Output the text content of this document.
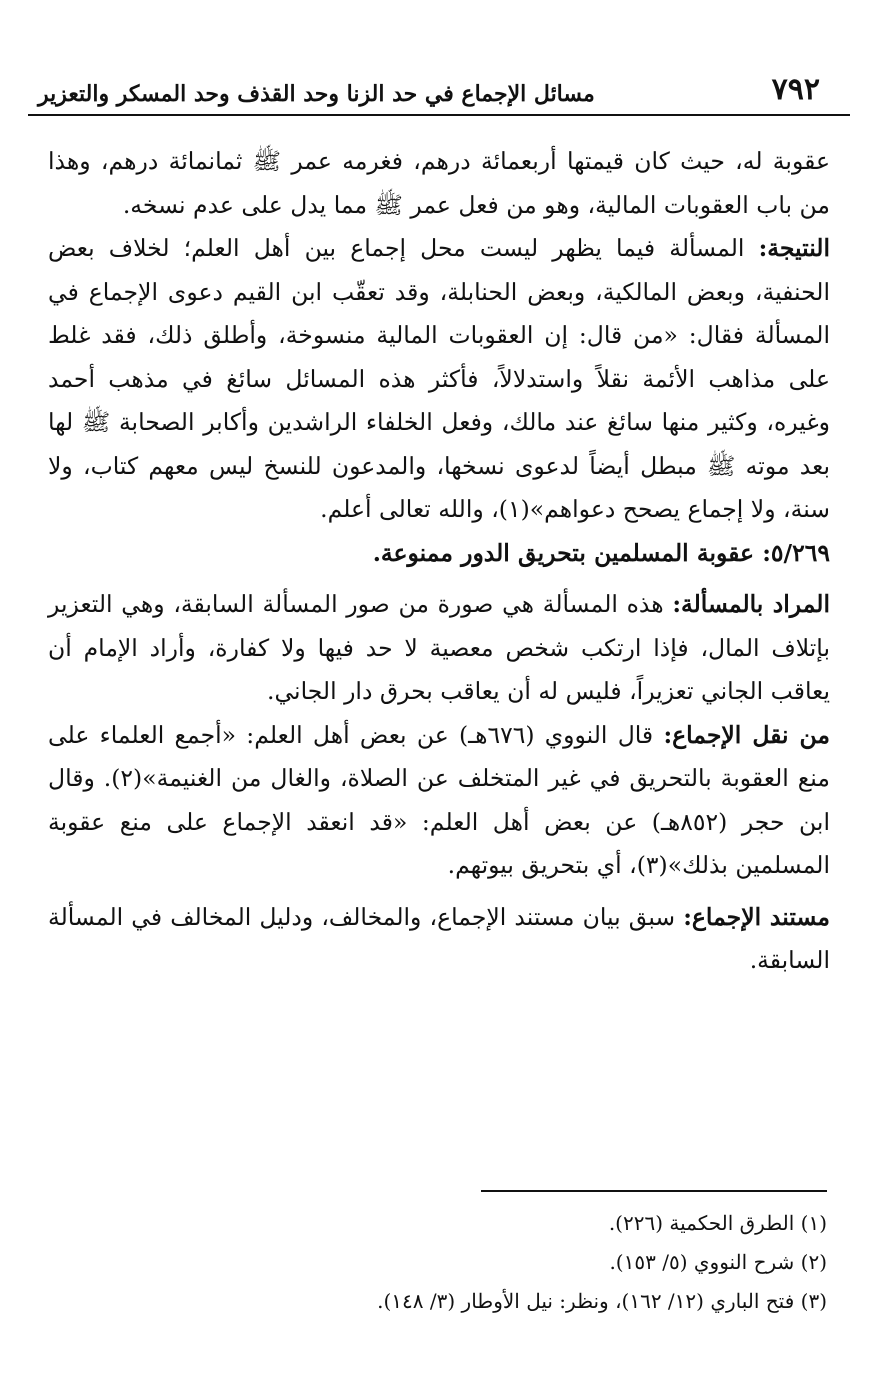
٧٩٢
مسائل الإجماع في حد الزنا وحد القذف وحد المسكر والتعزير

عقوبة له، حيث كان قيمتها أربعمائة درهم، فغرمه عمر ﷺ ثمانمائة درهم، وهذا من باب العقوبات المالية، وهو من فعل عمر ﷺ مما يدل على عدم نسخه.

النتيجة: المسألة فيما يظهر ليست محل إجماع بين أهل العلم؛ لخلاف بعض الحنفية، وبعض المالكية، وبعض الحنابلة، وقد تعقّب ابن القيم دعوى الإجماع في المسألة فقال: «من قال: إن العقوبات المالية منسوخة، وأطلق ذلك، فقد غلط على مذاهب الأئمة نقلاً واستدلالاً، فأكثر هذه المسائل سائغ في مذهب أحمد وغيره، وكثير منها سائغ عند مالك، وفعل الخلفاء الراشدين وأكابر الصحابة ﷺ لها بعد موته ﷺ مبطل أيضاً لدعوى نسخها، والمدعون للنسخ ليس معهم كتاب، ولا سنة، ولا إجماع يصحح دعواهم»(١)، والله تعالى أعلم.

٥/٢٦٩: عقوبة المسلمين بتحريق الدور ممنوعة.

المراد بالمسألة: هذه المسألة هي صورة من صور المسألة السابقة، وهي التعزير بإتلاف المال، فإذا ارتكب شخص معصية لا حد فيها ولا كفارة، وأراد الإمام أن يعاقب الجاني تعزيراً، فليس له أن يعاقب بحرق دار الجاني.

من نقل الإجماع: قال النووي (٦٧٦هـ) عن بعض أهل العلم: «أجمع العلماء على منع العقوبة بالتحريق في غير المتخلف عن الصلاة، والغال من الغنيمة»(٢). وقال ابن حجر (٨٥٢هـ) عن بعض أهل العلم: «قد انعقد الإجماع على منع عقوبة المسلمين بذلك»(٣)، أي بتحريق بيوتهم.

مستند الإجماع: سبق بيان مستند الإجماع، والمخالف، ودليل المخالف في المسألة السابقة.

(١) الطرق الحكمية (٢٢٦).
(٢) شرح النووي (٥/ ١٥٣).
(٣) فتح الباري (١٢/ ١٦٢)، ونظر: نيل الأوطار (٣/ ١٤٨).
